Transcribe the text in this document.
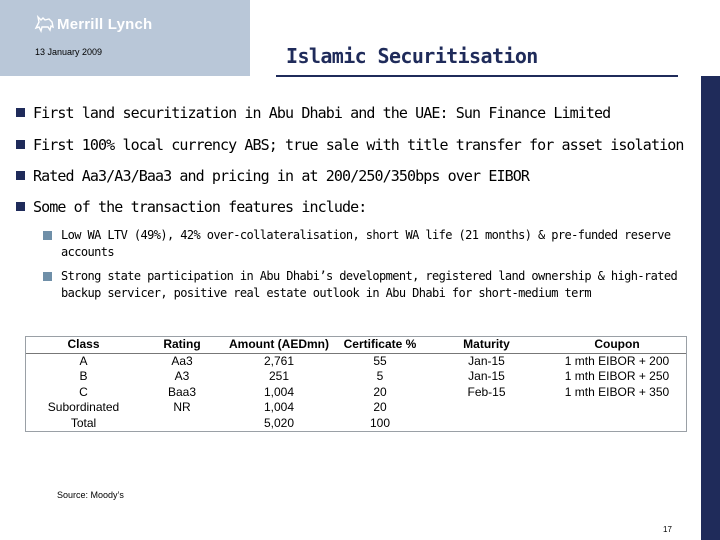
Merrill Lynch
13 January 2009	Islamic Securitisation
First land securitization in Abu Dhabi and the UAE: Sun Finance Limited
First 100% local currency ABS; true sale with title transfer for asset isolation
Rated Aa3/A3/Baa3 and pricing in at 200/250/350bps over EIBOR
Some of the transaction features include:
Low WA LTV (49%), 42% over-collateralisation, short WA life (21 months) & pre-funded reserve accounts
Strong state participation in Abu Dhabi’s development, registered land ownership & high-rated backup servicer, positive real estate outlook in Abu Dhabi for short-medium term
Class	Rating	Amount (AEDmn)	Certificate %	Maturity	Coupon
A	Aa3	2,761	55	Jan-15	1 mth EIBOR + 200
B	A3	251	5	Jan-15	1 mth EIBOR + 250
C	Baa3	1,004	20	Feb-15	1 mth EIBOR + 350
Subordinated	NR	1,004	20		
Total		5,020	100		
Source: Moody’s
17
